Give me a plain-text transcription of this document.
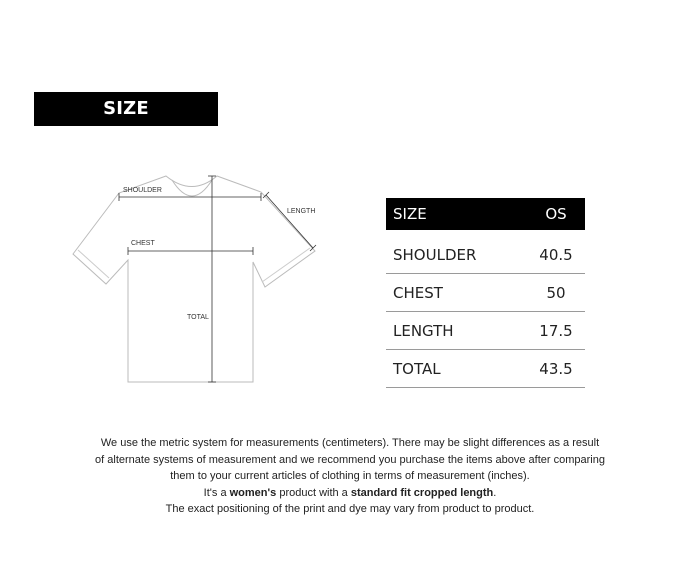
SIZE INFORMATION
SHOULDER
LENGTH
CHEST
TOTAL
SIZE	OS
SHOULDER	40.5
CHEST	50
LENGTH	17.5
TOTAL	43.5

We use the metric system for measurements (centimeters). There may be slight differences as a result

of alternate systems of measurement and we recommend you purchase the items above after comparing

them to your current articles of clothing in terms of measurement (inches).

It's a women's product with a standard fit cropped length.

The exact positioning of the print and dye may vary from product to product.
